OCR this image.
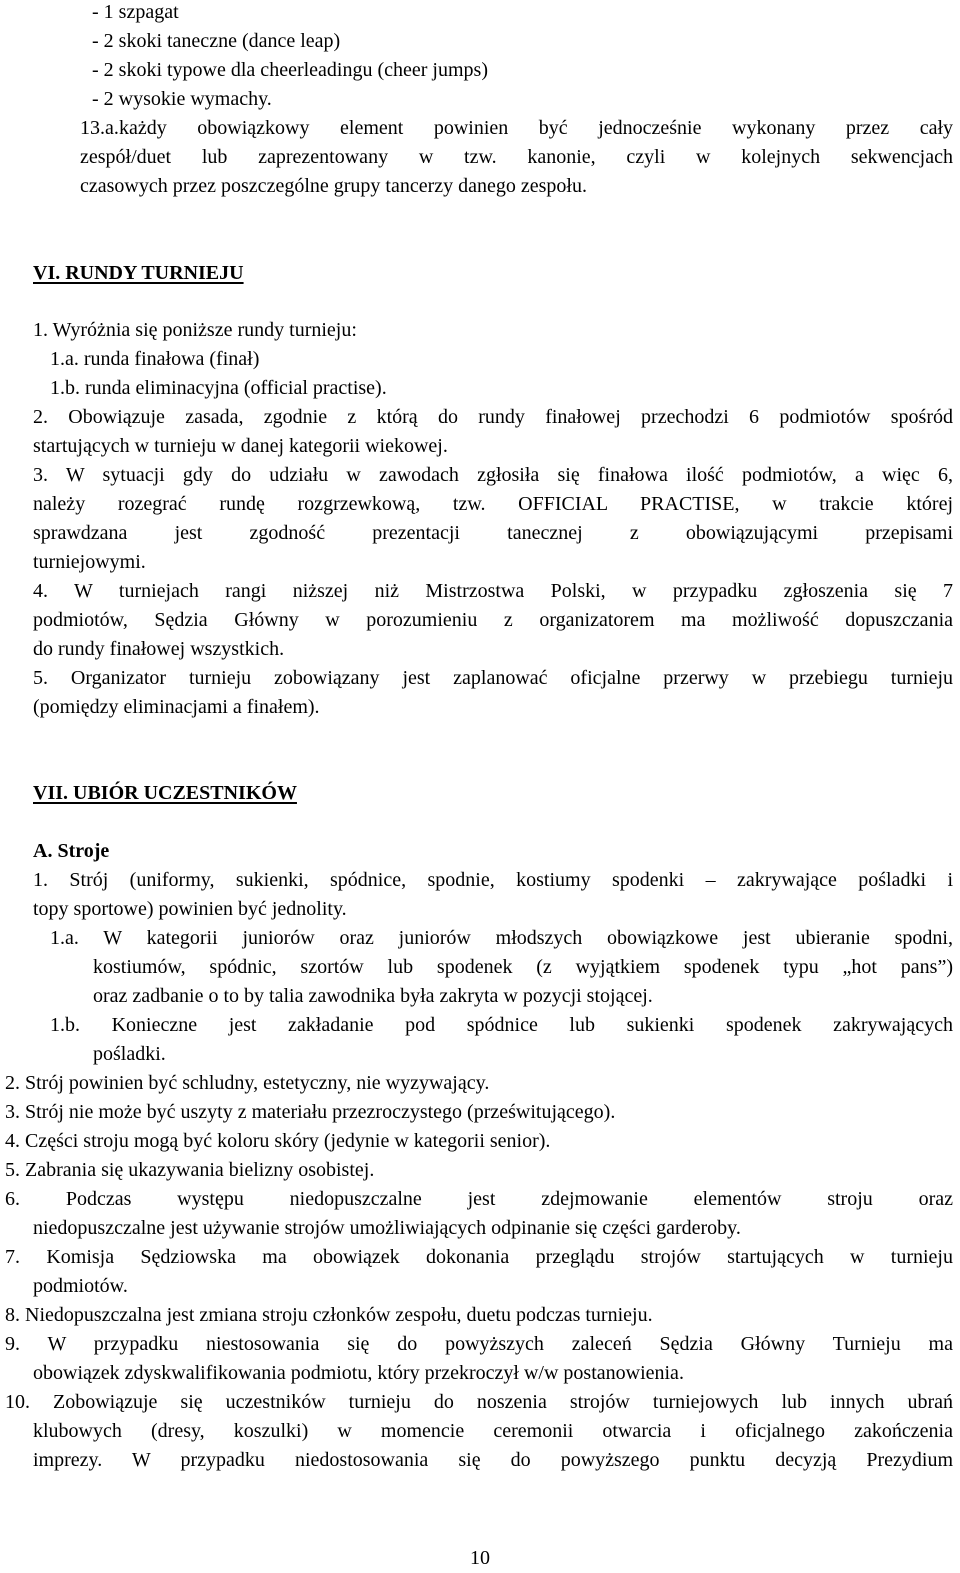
- 1 szpagat
- 2 skoki taneczne (dance leap)
- 2 skoki typowe dla cheerleadingu (cheer jumps)
- 2 wysokie wymachy.
13.a. każdy obowiązkowy element powinien być jednocześnie wykonany przez cały
zespół/duet lub zaprezentowany w tzw. kanonie, czyli w kolejnych sekwencjach
czasowych przez poszczególne grupy tancerzy danego zespołu.
VI. RUNDY TURNIEJU
1. Wyróżnia się poniższe rundy turnieju:
1.a. runda finałowa (finał)
1.b. runda eliminacyjna (official practise).
2. Obowiązuje zasada, zgodnie z którą do rundy finałowej przechodzi 6 podmiotów spośród
startujących w turnieju w danej kategorii wiekowej.
3. W sytuacji gdy do udziału w zawodach zgłosiła się finałowa ilość podmiotów, a więc 6,
należy rozegrać rundę rozgrzewkową, tzw. OFFICIAL PRACTISE, w trakcie której
sprawdzana jest zgodność prezentacji tanecznej z obowiązującymi przepisami
turniejowymi.
4. W turniejach rangi niższej niż Mistrzostwa Polski, w przypadku zgłoszenia się 7
podmiotów, Sędzia Główny w porozumieniu z organizatorem ma możliwość dopuszczania
do rundy finałowej wszystkich.
5. Organizator turnieju zobowiązany jest zaplanować oficjalne przerwy w przebiegu turnieju
(pomiędzy eliminacjami a finałem).
VII. UBIÓR UCZESTNIKÓW
A. Stroje
1. Strój (uniformy, sukienki, spódnice, spodnie, kostiumy spodenki – zakrywające pośladki i
topy sportowe) powinien być jednolity.
1.a. W kategorii juniorów oraz juniorów młodszych obowiązkowe jest ubieranie spodni,
kostiumów, spódnic, szortów lub spodenek (z wyjątkiem spodenek typu „hot pans”)
oraz zadbanie o to by talia zawodnika była zakryta w pozycji stojącej.
1.b. Konieczne jest zakładanie pod spódnice lub sukienki spodenek zakrywających
pośladki.
2. Strój powinien być schludny, estetyczny, nie wyzywający.
3. Strój nie może być uszyty z materiału przezroczystego (prześwitującego).
4. Części stroju mogą być koloru skóry (jedynie w kategorii senior).
5. Zabrania się ukazywania bielizny osobistej.
6. Podczas występu niedopuszczalne jest zdejmowanie elementów stroju oraz
niedopuszczalne jest używanie strojów umożliwiających odpinanie się części garderoby.
7. Komisja Sędziowska ma obowiązek dokonania przeglądu strojów startujących w turnieju
podmiotów.
8. Niedopuszczalna jest zmiana stroju członków zespołu, duetu podczas turnieju.
9. W przypadku niestosowania się do powyższych zaleceń Sędzia Główny Turnieju ma
obowiązek zdyskwalifikowania podmiotu, który przekroczył w/w postanowienia.
10. Zobowiązuje się uczestników turnieju do noszenia strojów turniejowych lub innych ubrań
klubowych (dresy, koszulki) w momencie ceremonii otwarcia i oficjalnego zakończenia
imprezy. W przypadku niedostosowania się do powyższego punktu decyzją Prezydium
10
